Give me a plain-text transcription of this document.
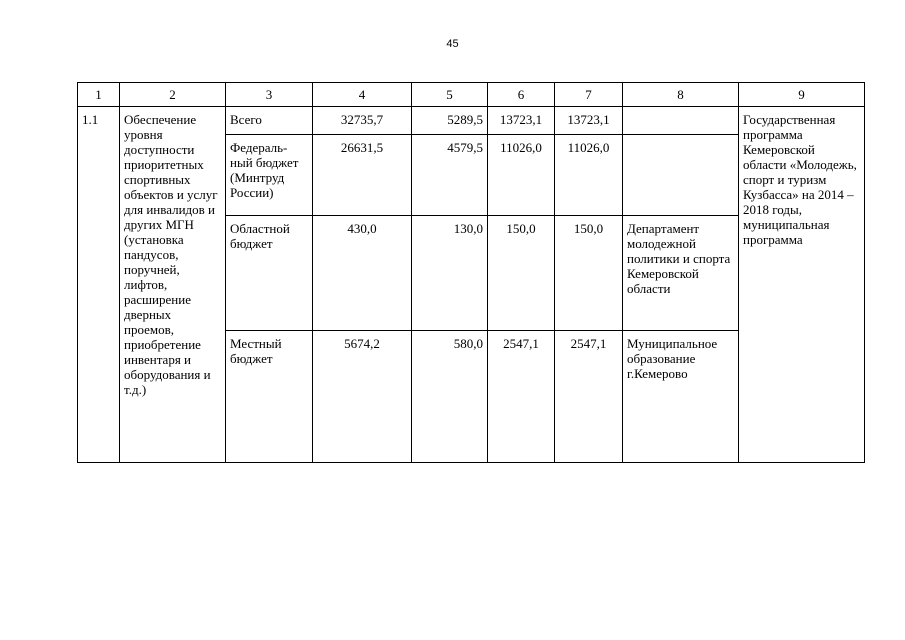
45
1	2	3	4	5	6	7	8	9
1.1	Обеспечение уровня доступности приоритетных спортивных объектов и услуг для инвалидов и других МГН (установка пандусов, поручней, лифтов, расширение дверных проемов, приобретение инвентаря и оборудования и т.д.)	Всего	32735,7	5289,5	13723,1	13723,1		Государственная программа Кемеровской области «Молодежь, спорт и туризм Кузбасса» на 2014 – 2018 годы, муниципальная программа
		Федераль-ный бюджет (Минтруд России)	26631,5	4579,5	11026,0	11026,0		
		Областной бюджет	430,0	130,0	150,0	150,0	Департамент молодежной политики и спорта Кемеровской области	
		Местный бюджет	5674,2	580,0	2547,1	2547,1	Муниципальное образование г.Кемерово	
